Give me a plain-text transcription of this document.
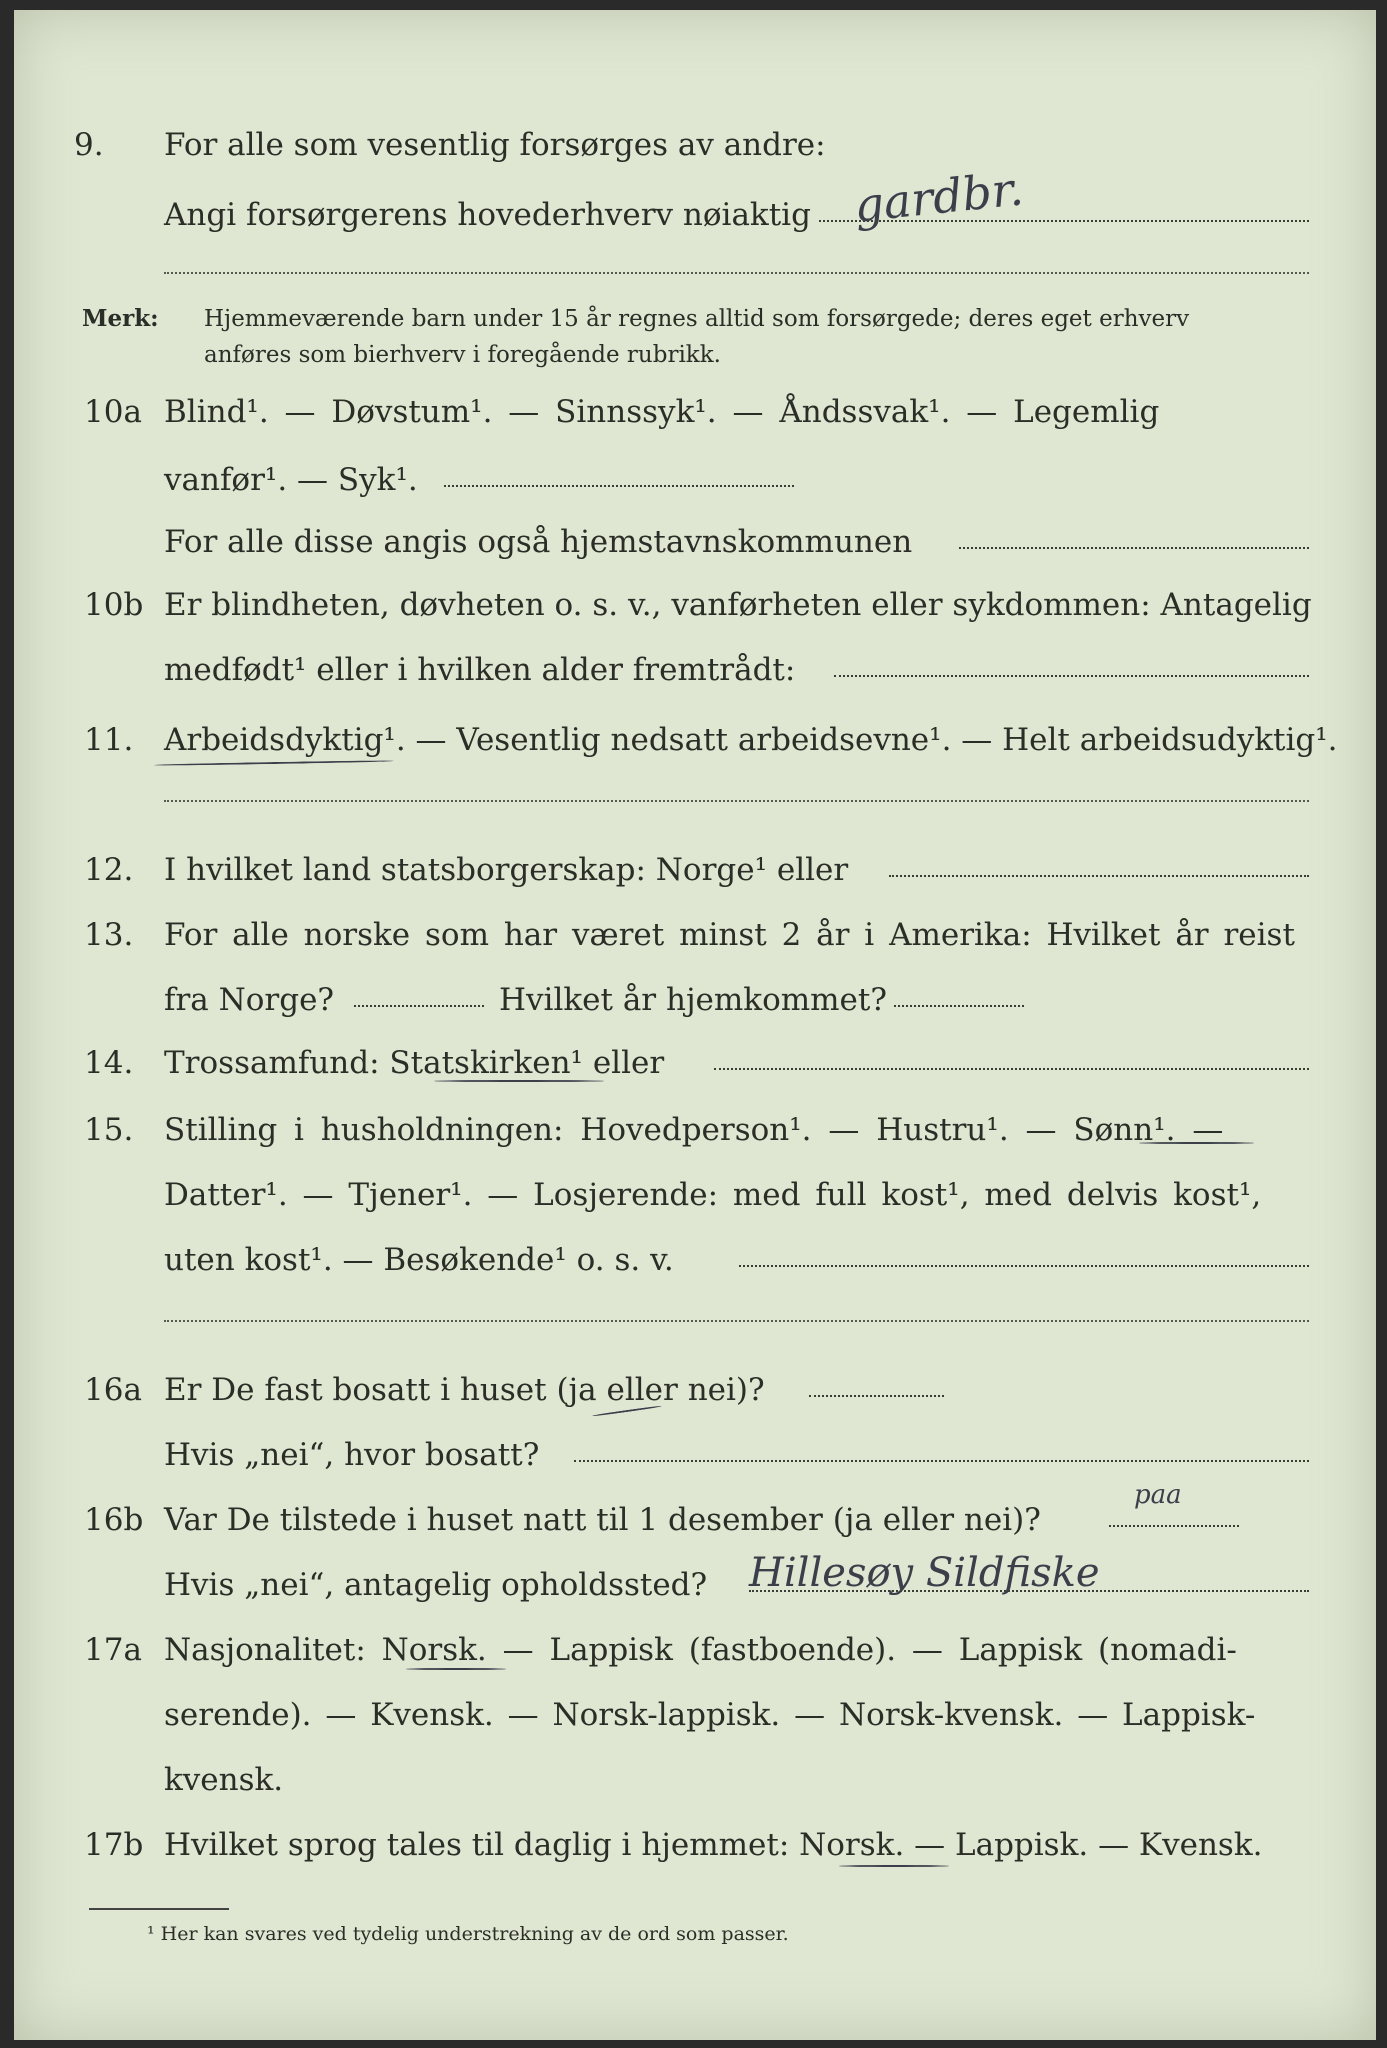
9. For alle som vesentlig forsørges av andre:
Angi forsørgerens hovederhverv nøiaktig gardbr.
Merk: Hjemmeværende barn under 15 år regnes alltid som forsørgede; deres eget erhverv
anføres som bierhverv i foregående rubrikk.
10a Blind¹. — Døvstum¹. — Sinnssyk¹. — Åndssvak¹. — Legemlig
vanfør¹. — Syk¹.
For alle disse angis også hjemstavnskommunen
10b Er blindheten, døvheten o. s. v., vanførheten eller sykdommen: Antagelig
medfødt¹ eller i hvilken alder fremtrådt:
11. Arbeidsdyktig¹. — Vesentlig nedsatt arbeidsevne¹. — Helt arbeidsudyktig¹.
12. I hvilket land statsborgerskap: Norge¹ eller
13. For alle norske som har været minst 2 år i Amerika: Hvilket år reist
fra Norge?	Hvilket år hjemkommet?
14. Trossamfund: Statskirken¹ eller
15. Stilling i husholdningen: Hovedperson¹. — Hustru¹. — Sønn¹. —
Datter¹. — Tjener¹. — Losjerende: med full kost¹, med delvis kost¹,
uten kost¹. — Besøkende¹ o. s. v.
16a Er De fast bosatt i huset (ja eller nei)?
Hvis „nei“, hvor bosatt?
16b Var De tilstede i huset natt til 1 desember (ja eller nei)?
paa
Hvis „nei“, antagelig opholdssted? Hillesøy Sildfiske
17a Nasjonalitet: Norsk. — Lappisk (fastboende). — Lappisk (nomadi-
serende). — Kvensk. — Norsk-lappisk. — Norsk-kvensk. — Lappisk-
kvensk.
17b Hvilket sprog tales til daglig i hjemmet: Norsk. — Lappisk. — Kvensk.
¹ Her kan svares ved tydelig understrekning av de ord som passer.
